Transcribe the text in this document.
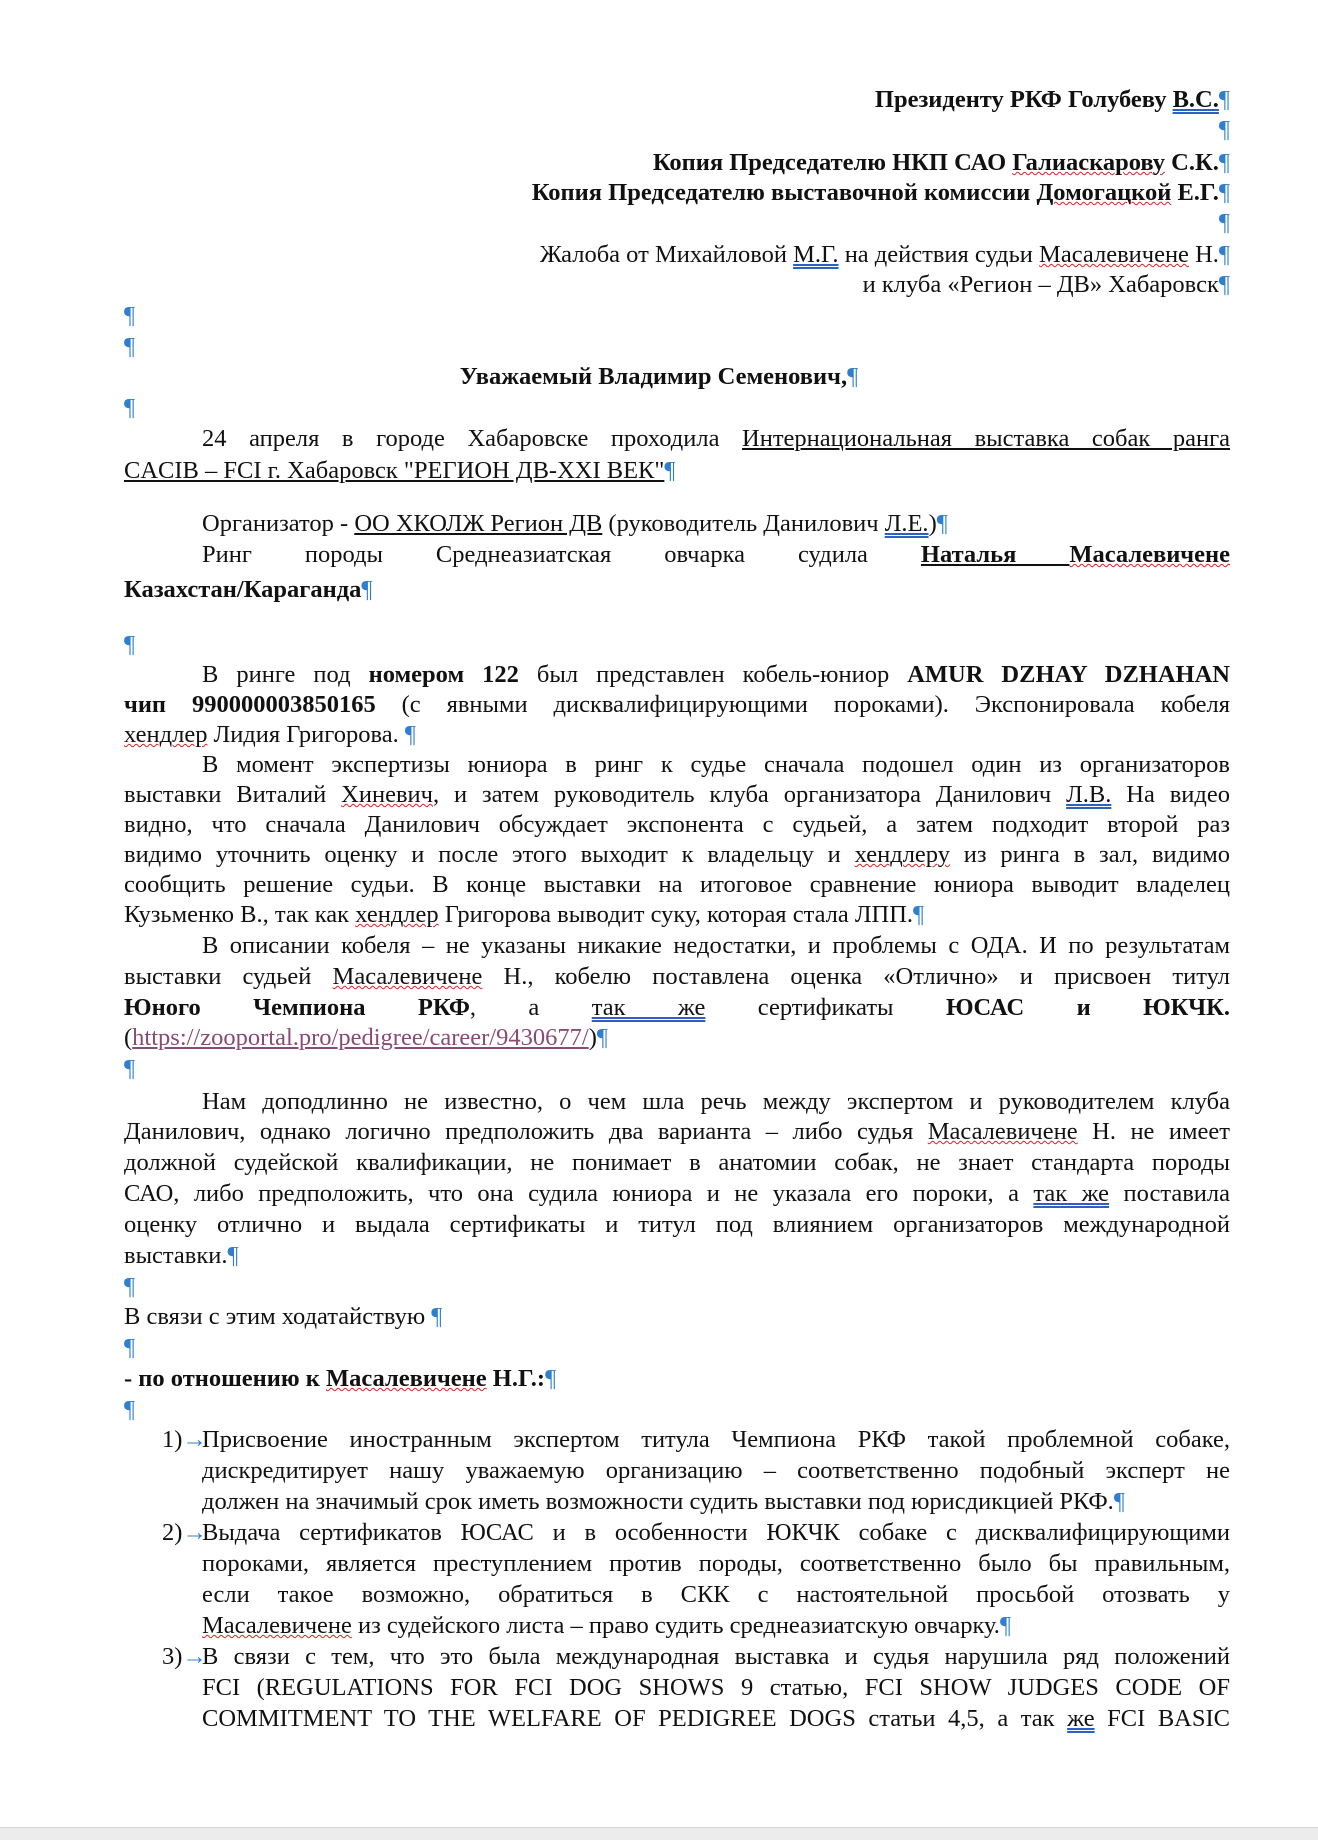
Президенту РКФ Голубеву В.С.¶
¶
Копия Председателю НКП САО Галиаскарову С.К.¶
Копия Председателю выставочной комиссии Домогацкой Е.Г.¶
¶
Жалоба от Михайловой М.Г. на действия судьи Масалевичене Н.¶
и клуба «Регион – ДВ» Хабаровск¶
¶
¶
Уважаемый Владимир Семенович,¶
¶
24 апреля в городе Хабаровске проходила Интернациональная выставка собак ранга
CACIB – FCI г. Хабаровск "РЕГИОН ДВ-XXI ВЕК"¶
Организатор - ОО ХКОЛЖ Регион ДВ (руководитель Данилович Л.Е.)¶
Ринг породы Среднеазиатская овчарка судила Наталья Масалевичене
Казахстан/Караганда¶
¶
В ринге под номером 122 был представлен кобель-юниор AMUR DZHAY DZHAHAN
чип 990000003850165 (с явными дисквалифицирующими пороками). Экспонировала кобеля
хендлер Лидия Григорова. ¶
В момент экспертизы юниора в ринг к судье сначала подошел один из организаторов
выставки Виталий Хиневич, и затем руководитель клуба организатора Данилович Л.В. На видео
видно, что сначала Данилович обсуждает экспонента с судьей, а затем подходит второй раз
видимо уточнить оценку и после этого выходит к владельцу и хендлеру из ринга в зал, видимо
сообщить решение судьи. В конце выставки на итоговое сравнение юниора выводит владелец
Кузьменко В., так как хендлер Григорова выводит суку, которая стала ЛПП.¶
В описании кобеля – не указаны никакие недостатки, и проблемы с ОДА. И по результатам
выставки судьей Масалевичене Н., кобелю поставлена оценка «Отлично» и присвоен титул
Юного Чемпиона РКФ, а так же сертификаты ЮСАС и ЮКЧК.
(https://zooportal.pro/pedigree/career/9430677/)¶
¶
Нам доподлинно не известно, о чем шла речь между экспертом и руководителем клуба
Данилович, однако логично предположить два варианта – либо судья Масалевичене Н. не имеет
должной судейской квалификации, не понимает в анатомии собак, не знает стандарта породы
САО, либо предположить, что она судила юниора и не указала его пороки, а так же поставила
оценку отлично и выдала сертификаты и титул под влиянием организаторов международной
выставки.¶
¶
В связи с этим ходатайствую ¶
¶
- по отношению к Масалевичене Н.Г.:¶
¶
1)→
Присвоение иностранным экспертом титула Чемпиона РКФ такой проблемной собаке,
дискредитирует нашу уважаемую организацию – соответственно подобный эксперт не
должен на значимый срок иметь возможности судить выставки под юрисдикцией РКФ.¶
2)→
Выдача сертификатов ЮСАС и в особенности ЮКЧК собаке с дисквалифицирующими
пороками, является преступлением против породы, соответственно было бы правильным,
если такое возможно, обратиться в СКК с настоятельной просьбой отозвать у
Масалевичене из судейского листа – право судить среднеазиатскую овчарку.¶
3)→
В связи с тем, что это была международная выставка и судья нарушила ряд положений
FCI (REGULATIONS FOR FCI DOG SHOWS 9 статью, FCI SHOW JUDGES CODE OF
COMMITMENT TO THE WELFARE OF PEDIGREE DOGS статьи 4,5, а так же FCI BASIC
